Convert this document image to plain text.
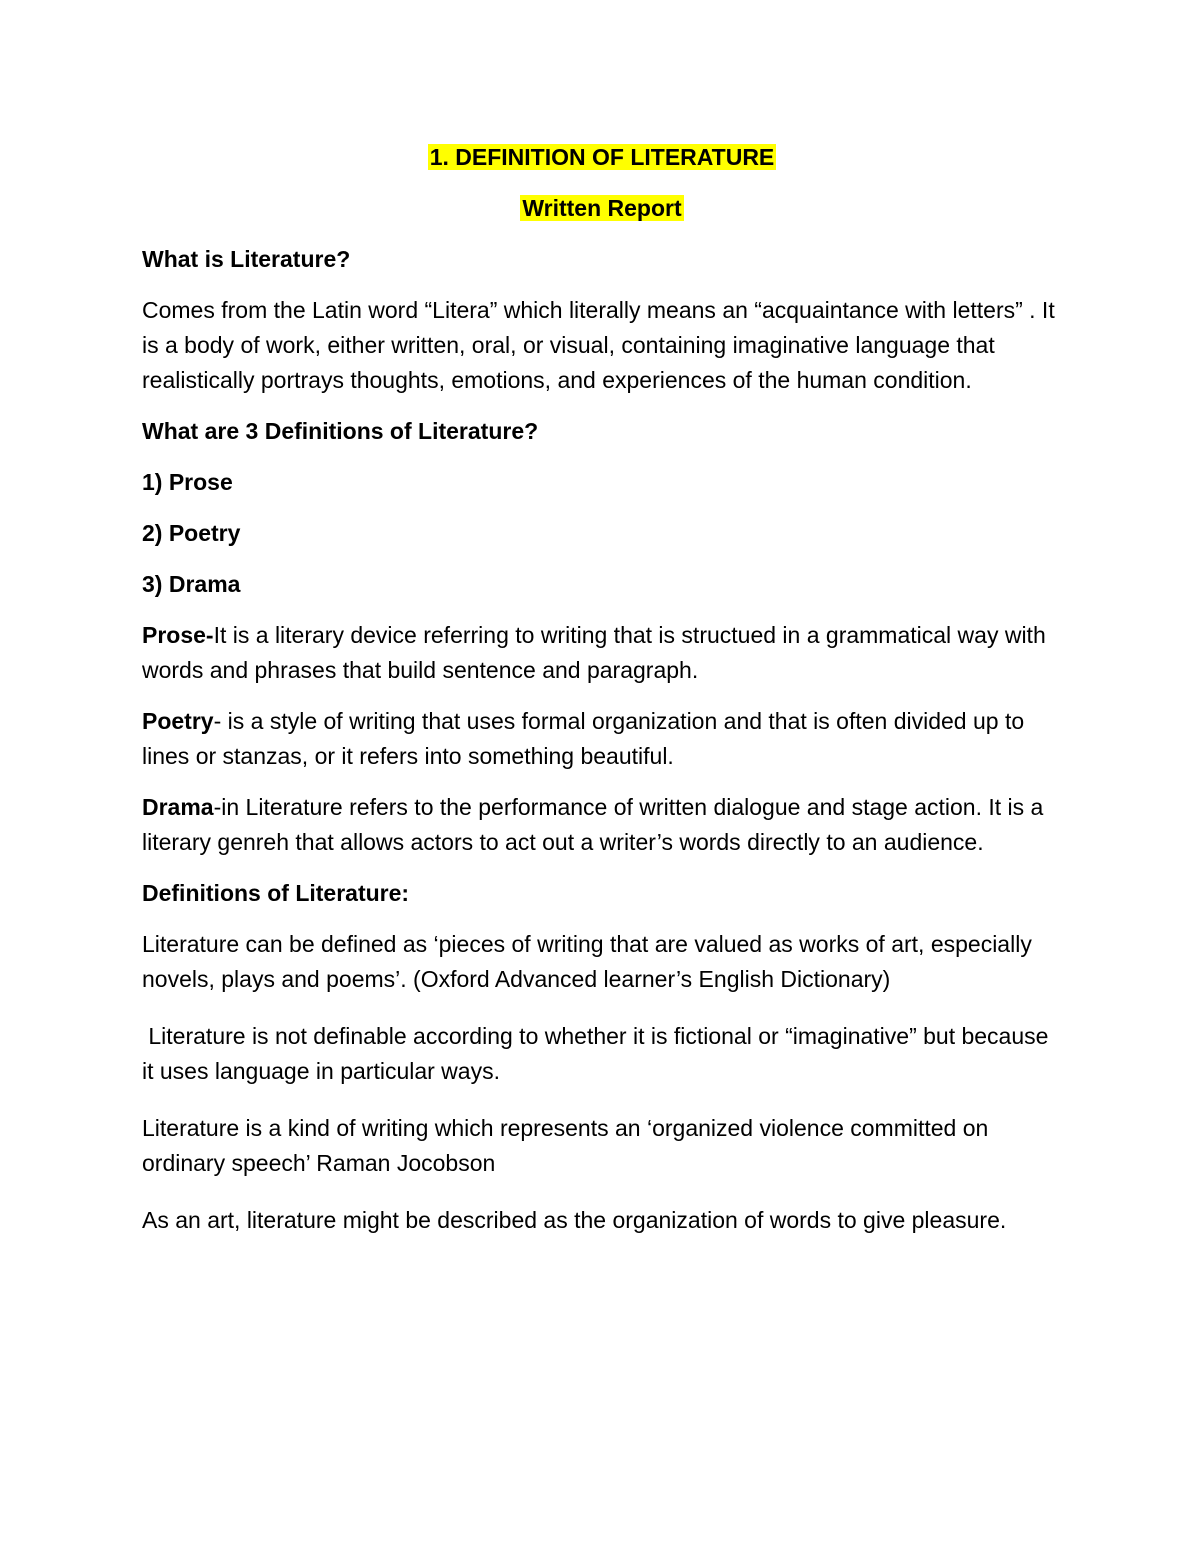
1. DEFINITION OF LITERATURE

Written Report

What is Literature?

Comes from the Latin word “Litera” which literally means an “acquaintance with letters” . It is a body of work, either written, oral, or visual, containing imaginative language that realistically portrays thoughts, emotions, and experiences of the human condition.

What are 3 Definitions of Literature?

1) Prose

2) Poetry

3) Drama

Prose-It is a literary device referring to writing that is structued in a grammatical way with words and phrases that build sentence and paragraph.

Poetry- is a style of writing that uses formal organization and that is often divided up to lines or stanzas, or it refers into something beautiful.

Drama-in Literature refers to the performance of written dialogue and stage action. It is a literary genreh that allows actors to act out a writer’s words directly to an audience.

Definitions of Literature:

Literature can be defined as ‘pieces of writing that are valued as works of art, especially novels, plays and poems’. (Oxford Advanced learner’s English Dictionary)

Literature is not definable according to whether it is fictional or “imaginative” but because it uses language in particular ways.

Literature is a kind of writing which represents an ‘organized violence committed on ordinary speech’ Raman Jocobson

As an art, literature might be described as the organization of words to give pleasure.
